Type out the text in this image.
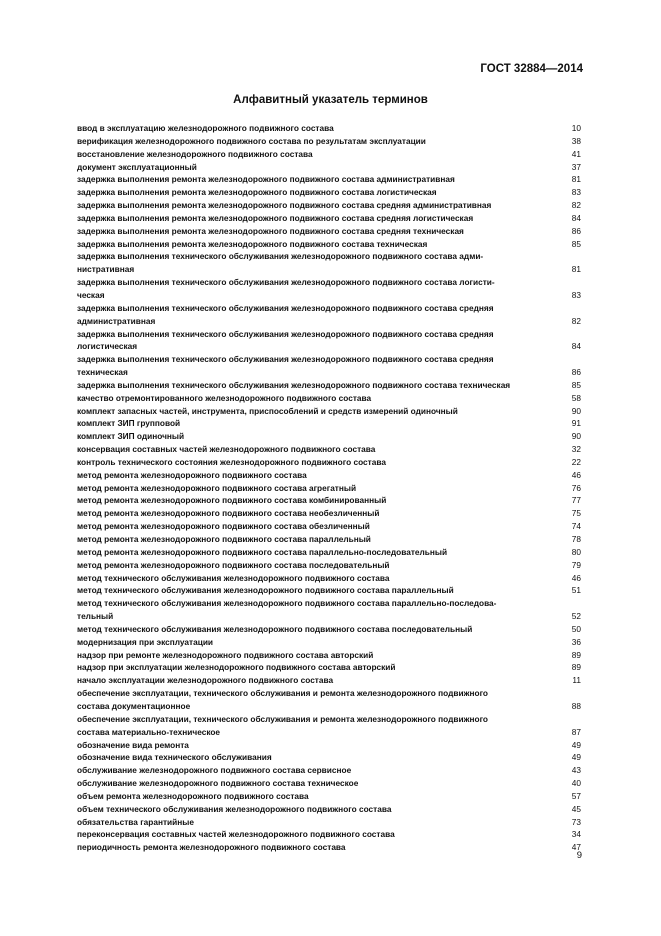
ГОСТ 32884—2014
Алфавитный указатель терминов
ввод в эксплуатацию железнодорожного подвижного состава	10
верификация железнодорожного подвижного состава по результатам эксплуатации	38
восстановление железнодорожного подвижного состава	41
документ эксплуатационный	37
задержка выполнения ремонта железнодорожного подвижного состава административная	81
задержка выполнения ремонта железнодорожного подвижного состава логистическая	83
задержка выполнения ремонта железнодорожного подвижного состава средняя административная	82
задержка выполнения ремонта железнодорожного подвижного состава средняя логистическая	84
задержка выполнения ремонта железнодорожного подвижного состава средняя техническая	86
задержка выполнения ремонта железнодорожного подвижного состава техническая	85
задержка выполнения технического обслуживания железнодорожного подвижного состава адми-
нистративная	81
задержка выполнения технического обслуживания железнодорожного подвижного состава логисти-
ческая	83
задержка выполнения технического обслуживания железнодорожного подвижного состава средняя
административная	82
задержка выполнения технического обслуживания железнодорожного подвижного состава средняя
логистическая	84
задержка выполнения технического обслуживания железнодорожного подвижного состава средняя
техническая	86
задержка выполнения технического обслуживания железнодорожного подвижного состава техническая	85
качество отремонтированного железнодорожного подвижного состава	58
комплект запасных частей, инструмента, приспособлений и средств измерений одиночный	90
комплект ЗИП групповой	91
комплект ЗИП одиночный	90
консервация составных частей железнодорожного подвижного состава	32
контроль технического состояния железнодорожного подвижного состава	22
метод ремонта железнодорожного подвижного состава	46
метод ремонта железнодорожного подвижного состава агрегатный	76
метод ремонта железнодорожного подвижного состава комбинированный	77
метод ремонта железнодорожного подвижного состава необезличенный	75
метод ремонта железнодорожного подвижного состава обезличенный	74
метод ремонта железнодорожного подвижного состава параллельный	78
метод ремонта железнодорожного подвижного состава параллельно-последовательный	80
метод ремонта железнодорожного подвижного состава последовательный	79
метод технического обслуживания железнодорожного подвижного состава	46
метод технического обслуживания железнодорожного подвижного состава параллельный	51
метод технического обслуживания железнодорожного подвижного состава параллельно-последова-
тельный	52
метод технического обслуживания железнодорожного подвижного состава последовательный	50
модернизация при эксплуатации	36
надзор при ремонте железнодорожного подвижного состава авторский	89
надзор при эксплуатации железнодорожного подвижного состава авторский	89
начало эксплуатации железнодорожного подвижного состава	11
обеспечение эксплуатации, технического обслуживания и ремонта железнодорожного подвижного
состава документационное	88
обеспечение эксплуатации, технического обслуживания и ремонта железнодорожного подвижного
состава материально-техническое	87
обозначение вида ремонта	49
обозначение вида технического обслуживания	49
обслуживание железнодорожного подвижного состава сервисное	43
обслуживание железнодорожного подвижного состава техническое	40
объем ремонта железнодорожного подвижного состава	57
объем технического обслуживания железнодорожного подвижного состава	45
обязательства гарантийные	73
переконсервация составных частей железнодорожного подвижного состава	34
периодичность ремонта железнодорожного подвижного состава	47
9
